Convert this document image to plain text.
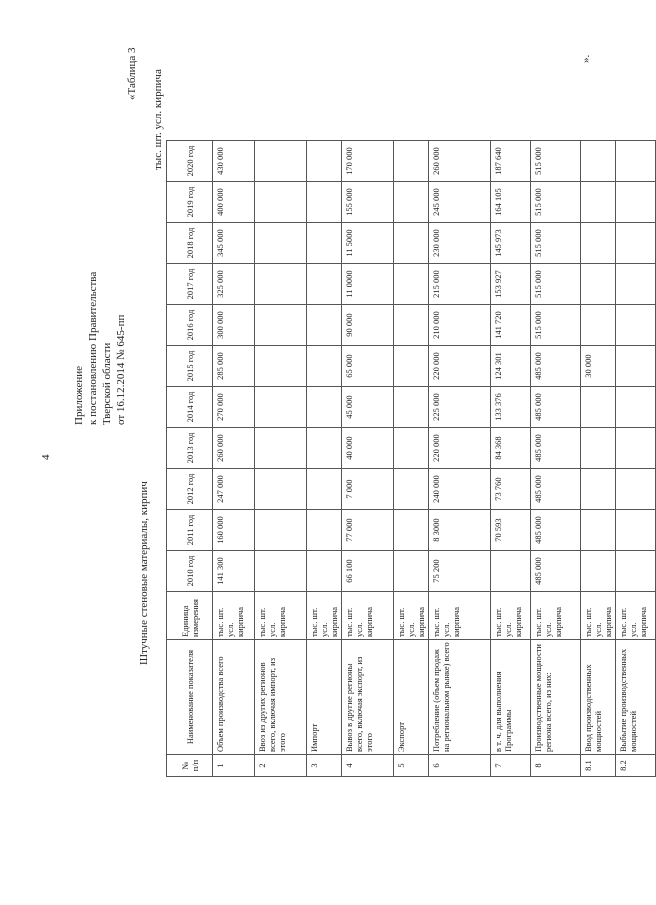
4
Приложение к постановлению Правительства Тверской области от 16.12.2014 № 645-пп
«Таблица 3
Штучные стеновые материалы, кирпич
тыс. шт. усл. кирпича
№ п/п	Наименование показателя	Единица измерения	2010 год	2011 год	2012 год	2013 год	2014 год	2015 год	2016 год	2017 год	2018 год	2019 год	2020 год
1	Объем производства всего	тыс. шт. усл. кирпича	141 300	160 000	247 000	260 000	270 000	285 000	300 000	325 000	345 000	400 000	430 000
2	Ввоз из других регионов всего, включая импорт, из этого	тыс. шт. усл. кирпича											
3	Импорт	тыс. шт. усл. кирпича											
4	Вывоз в другие регионы всего, включая экспорт, из этого	тыс. шт. усл. кирпича	66 100	77 000	7 000	40 000	45 000	65 000	90 000	11 0000	11 5000	155 000	170 000
5	Экспорт	тыс. шт. усл. кирпича											
6	Потребление (объем продаж на региональном рынке) всего	тыс. шт. усл. кирпича	75 200	8 3000	240 000	220 000	225 000	220 000	210 000	215 000	230 000	245 000	260 000
7	в т. ч. для выполнения Программы	тыс. шт. усл. кирпича		70 593	73 760	84 368	133 376	124 301	141 720	153 927	145 973	164 105	187 640
8	Производственные мощности региона всего, из них:	тыс. шт. усл. кирпича	485 000	485 000	485 000	485 000	485 000	485 000	515 000	515 000	515 000	515 000	515 000
8.1	Ввод производственных мощностей	тыс. шт. усл. кирпича						30 000					
8.2	Выбытие производственных мощностей	тыс. шт. усл. кирпича											
».
